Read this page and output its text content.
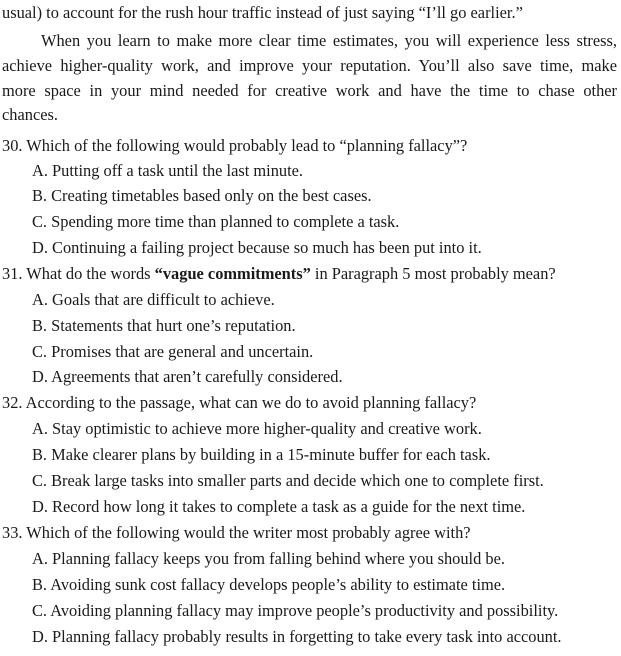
usual) to account for the rush hour traffic instead of just saying “I’ll go earlier.”
When you learn to make more clear time estimates, you will experience less stress,
achieve higher-quality work, and improve your reputation. You’ll also save time, make
more space in your mind needed for creative work and have the time to chase other
chances.
30. Which of the following would probably lead to “planning fallacy”?
A. Putting off a task until the last minute.
B. Creating timetables based only on the best cases.
C. Spending more time than planned to complete a task.
D. Continuing a failing project because so much has been put into it.
31. What do the words “vague commitments” in Paragraph 5 most probably mean?
A. Goals that are difficult to achieve.
B. Statements that hurt one’s reputation.
C. Promises that are general and uncertain.
D. Agreements that aren’t carefully considered.
32. According to the passage, what can we do to avoid planning fallacy?
A. Stay optimistic to achieve more higher-quality and creative work.
B. Make clearer plans by building in a 15-minute buffer for each task.
C. Break large tasks into smaller parts and decide which one to complete first.
D. Record how long it takes to complete a task as a guide for the next time.
33. Which of the following would the writer most probably agree with?
A. Planning fallacy keeps you from falling behind where you should be.
B. Avoiding sunk cost fallacy develops people’s ability to estimate time.
C. Avoiding planning fallacy may improve people’s productivity and possibility.
D. Planning fallacy probably results in forgetting to take every task into account.
